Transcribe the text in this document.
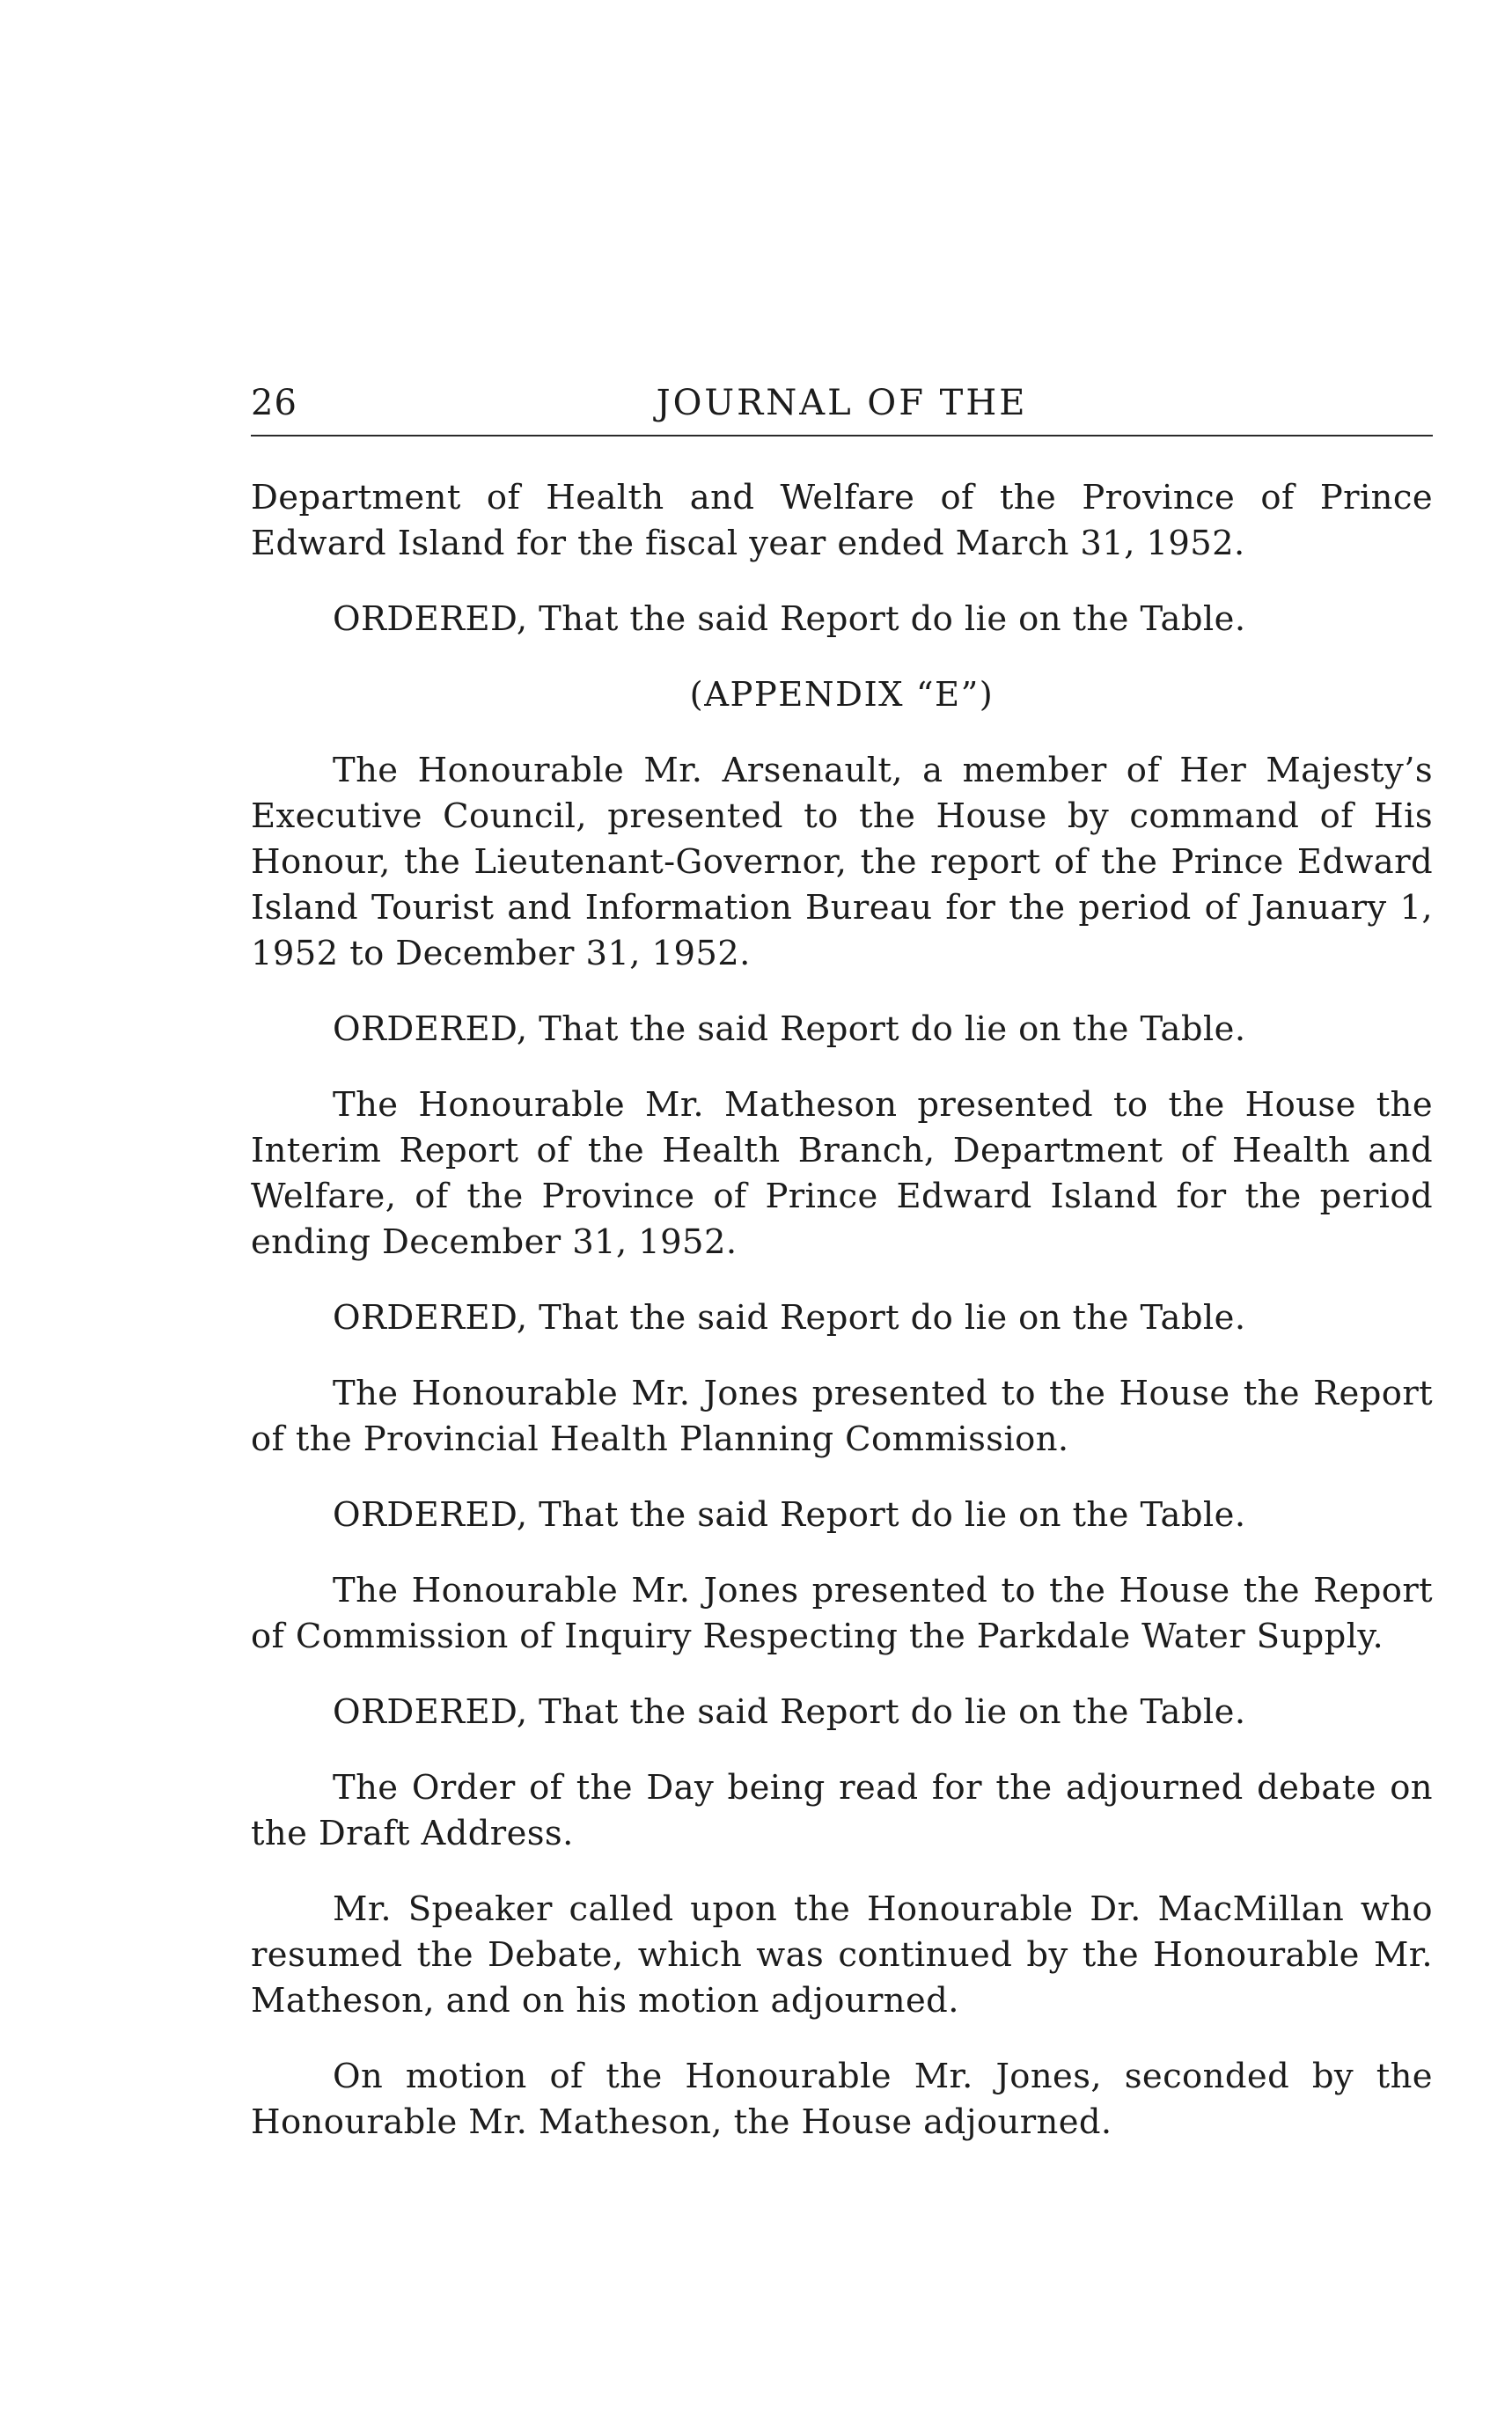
26	JOURNAL OF THE

Department of Health and Welfare of the Province of Prince Edward Island for the fiscal year ended March 31, 1952.

ORDERED, That the said Report do lie on the Table.

(APPENDIX “E”)

The Honourable Mr. Arsenault, a member of Her Majesty’s Executive Council, presented to the House by command of His Honour, the Lieutenant-Governor, the report of the Prince Edward Island Tourist and Information Bureau for the period of January 1, 1952 to December 31, 1952.

ORDERED, That the said Report do lie on the Table.

The Honourable Mr. Matheson presented to the House the Interim Report of the Health Branch, Department of Health and Welfare, of the Province of Prince Edward Island for the period ending December 31, 1952.

ORDERED, That the said Report do lie on the Table.

The Honourable Mr. Jones presented to the House the Report of the Provincial Health Planning Commission.

ORDERED, That the said Report do lie on the Table.

The Honourable Mr. Jones presented to the House the Report of Commission of Inquiry Respecting the Parkdale Water Supply.

ORDERED, That the said Report do lie on the Table.

The Order of the Day being read for the adjourned debate on the Draft Address.

Mr. Speaker called upon the Honourable Dr. MacMillan who resumed the Debate, which was continued by the Honourable Mr. Matheson, and on his motion adjourned.

On motion of the Honourable Mr. Jones, seconded by the Honourable Mr. Matheson, the House adjourned.
